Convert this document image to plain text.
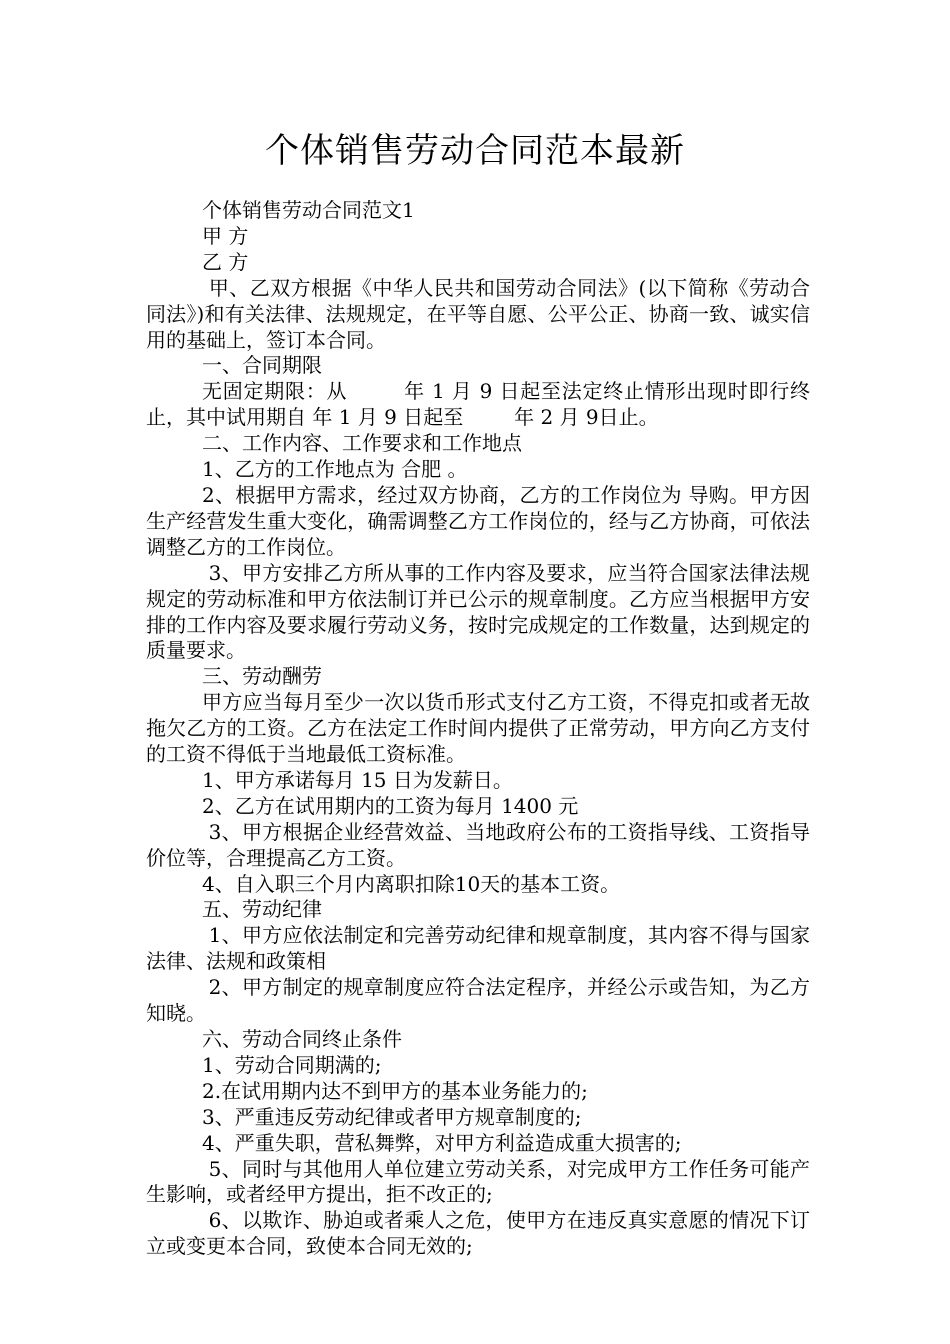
个体销售劳动合同范本最新

个体销售劳动合同范文1

甲 方

乙 方

甲、乙双方根据《中华人民共和国劳动合同法》(以下简称《劳动合同法》)和有关法律、法规规定，在平等自愿、公平公正、协商一致、诚实信用的基础上，签订本合同。

一、合同期限

无固定期限：从        年 1 月 9 日起至法定终止情形出现时即行终止，其中试用期自 年 1 月 9 日起至        年 2 月 9日止。

二、工作内容、工作要求和工作地点

1、乙方的工作地点为 合肥 。

2、根据甲方需求，经过双方协商，乙方的工作岗位为 导购。甲方因生产经营发生重大变化，确需调整乙方工作岗位的，经与乙方协商，可依法调整乙方的工作岗位。

3、甲方安排乙方所从事的工作内容及要求，应当符合国家法律法规规定的劳动标准和甲方依法制订并已公示的规章制度。乙方应当根据甲方安排的工作内容及要求履行劳动义务，按时完成规定的工作数量，达到规定的质量要求。

三、劳动酬劳

甲方应当每月至少一次以货币形式支付乙方工资，不得克扣或者无故拖欠乙方的工资。乙方在法定工作时间内提供了正常劳动，甲方向乙方支付的工资不得低于当地最低工资标准。

1、甲方承诺每月 15 日为发薪日。

2、乙方在试用期内的工资为每月 1400 元

3、甲方根据企业经营效益、当地政府公布的工资指导线、工资指导价位等，合理提高乙方工资。

4、自入职三个月内离职扣除10天的基本工资。

五、劳动纪律

1、甲方应依法制定和完善劳动纪律和规章制度，其内容不得与国家法律、法规和政策相

2、甲方制定的规章制度应符合法定程序，并经公示或告知，为乙方知晓。

六、劳动合同终止条件

1、劳动合同期满的;

2.在试用期内达不到甲方的基本业务能力的;

3、严重违反劳动纪律或者甲方规章制度的;

4、严重失职，营私舞弊，对甲方利益造成重大损害的;

5、同时与其他用人单位建立劳动关系，对完成甲方工作任务可能产生影响，或者经甲方提出，拒不改正的;

6、以欺诈、胁迫或者乘人之危，使甲方在违反真实意愿的情况下订立或变更本合同，致使本合同无效的;
